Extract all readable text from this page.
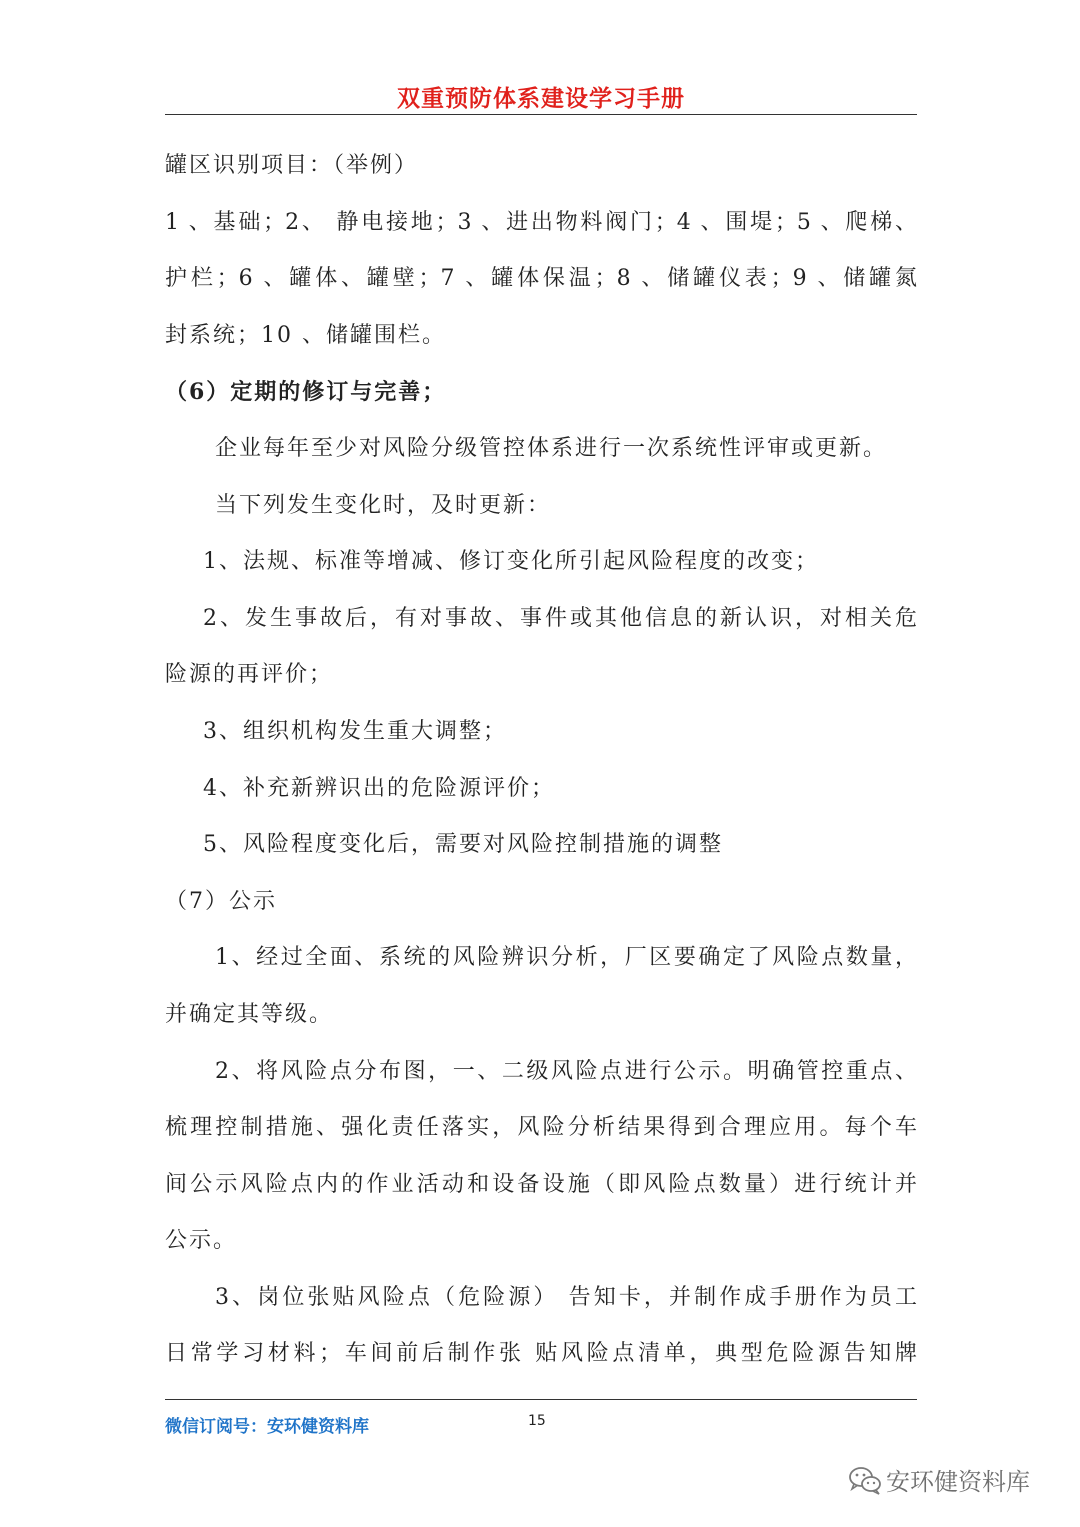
双重预防体系建设学习手册
罐区识别项目：（举例）
1 、基础；2、 静电接地；3 、进出物料阀门；4 、围堤；5 、爬梯、
护栏；6 、罐体、罐壁；7 、罐体保温；8 、储罐仪表；9 、储罐氮
封系统；10 、储罐围栏。
（6）定期的修订与完善；
企业每年至少对风险分级管控体系进行一次系统性评审或更新。
当下列发生变化时，及时更新：
1、法规、标准等增减、修订变化所引起风险程度的改变；
2、发生事故后，有对事故、事件或其他信息的新认识，对相关危
险源的再评价；
3、组织机构发生重大调整；
4、补充新辨识出的危险源评价；
5、风险程度变化后，需要对风险控制措施的调整
（7）公示
1、经过全面、系统的风险辨识分析，厂区要确定了风险点数量，
并确定其等级。
2、将风险点分布图，一、二级风险点进行公示。明确管控重点、
梳理控制措施、强化责任落实，风险分析结果得到合理应用。每个车
间公示风险点内的作业活动和设备设施（即风险点数量）进行统计并
公示。
3、岗位张贴风险点（危险源） 告知卡，并制作成手册作为员工
日常学习材料；车间前后制作张 贴风险点清单，典型危险源告知牌
微信订阅号：安环健资料库	15
安环健资料库
